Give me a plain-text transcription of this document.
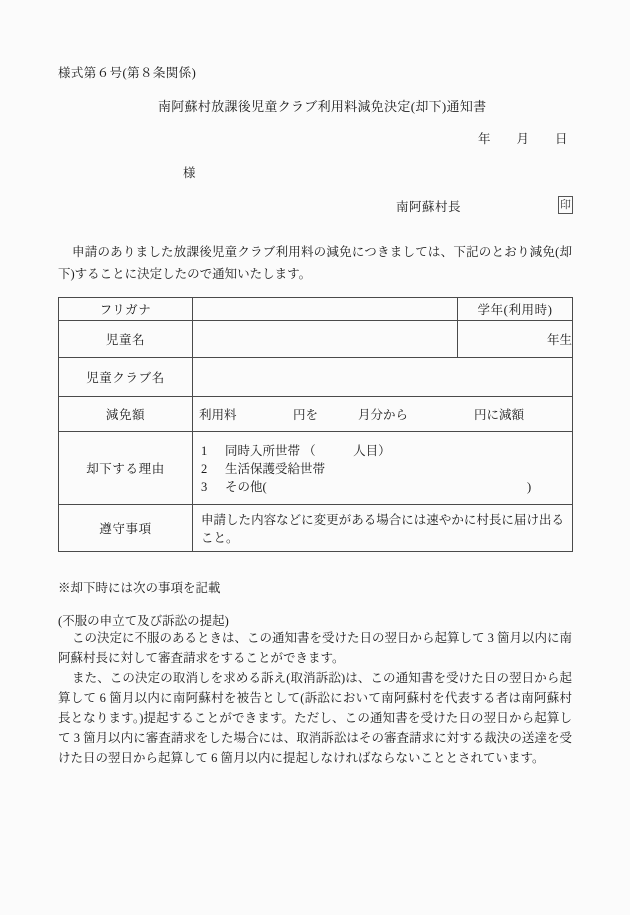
様式第６号(第８条関係)
南阿蘇村放課後児童クラブ利用料減免決定(却下)通知書
年 月 日
様
南阿蘇村長	印
申請のありました放課後児童クラブ利用料の減免につきましては、下記のとおり減免(却下)することに決定したので通知いたします。
フリガナ		学年(利用時)
児童名		年生
児童クラブ名		
減免額	利用料 円を 月分から 円に減額	

却下する理由	1 同時入所世帯 （　　　人目）
2 生活保護受給世帯
3 その他( )	

遵守事項	申請した内容などに変更がある場合には速やかに村長に届け出ること。	
※却下時には次の事項を記載
(不服の申立て及び訴訟の提起)
この決定に不服のあるときは、この通知書を受けた日の翌日から起算して 3 箇月以内に南阿蘇村長に対して審査請求をすることができます。
また、この決定の取消しを求める訴え(取消訴訟)は、この通知書を受けた日の翌日から起算して 6 箇月以内に南阿蘇村を被告として(訴訟において南阿蘇村を代表する者は南阿蘇村長となります。)提起することができます。ただし、この通知書を受けた日の翌日から起算して 3 箇月以内に審査請求をした場合には、取消訴訟はその審査請求に対する裁決の送達を受けた日の翌日から起算して 6 箇月以内に提起しなければならないこととされています。
